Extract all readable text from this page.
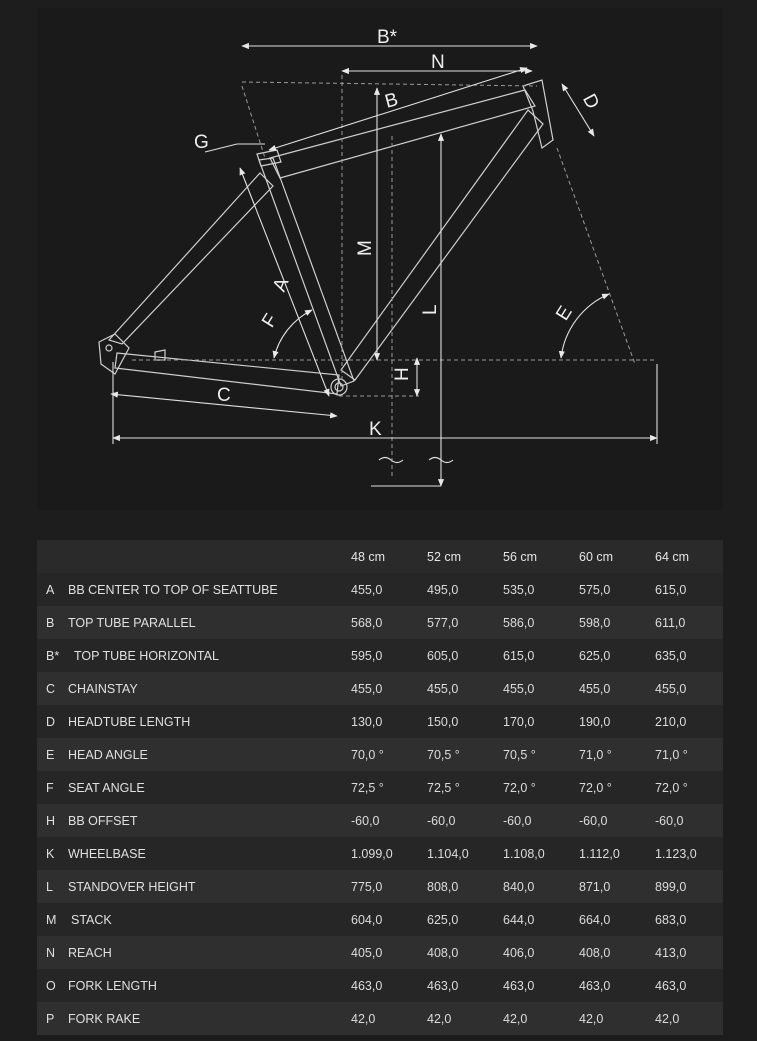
B*
N
B	D
G
M
L
A
F	E
H
C
K
		48 cm	52 cm	56 cm	60 cm	64 cm
A	BB CENTER TO TOP OF SEATTUBE	455,0	495,0	535,0	575,0	615,0
B	TOP TUBE PARALLEL	568,0	577,0	586,0	598,0	611,0
B*	TOP TUBE HORIZONTAL	595,0	605,0	615,0	625,0	635,0
C	CHAINSTAY	455,0	455,0	455,0	455,0	455,0
D	HEADTUBE LENGTH	130,0	150,0	170,0	190,0	210,0
E	HEAD ANGLE	70,0 °	70,5 °	70,5 °	71,0 °	71,0 °
F	SEAT ANGLE	72,5 °	72,5 °	72,0 °	72,0 °	72,0 °
H	BB OFFSET	-60,0	-60,0	-60,0	-60,0	-60,0
K	WHEELBASE	1.099,0	1.104,0	1.108,0	1.112,0	1.123,0
L	STANDOVER HEIGHT	775,0	808,0	840,0	871,0	899,0
M	STACK	604,0	625,0	644,0	664,0	683,0
N	REACH	405,0	408,0	406,0	408,0	413,0
O	FORK LENGTH	463,0	463,0	463,0	463,0	463,0
P	FORK RAKE	42,0	42,0	42,0	42,0	42,0
